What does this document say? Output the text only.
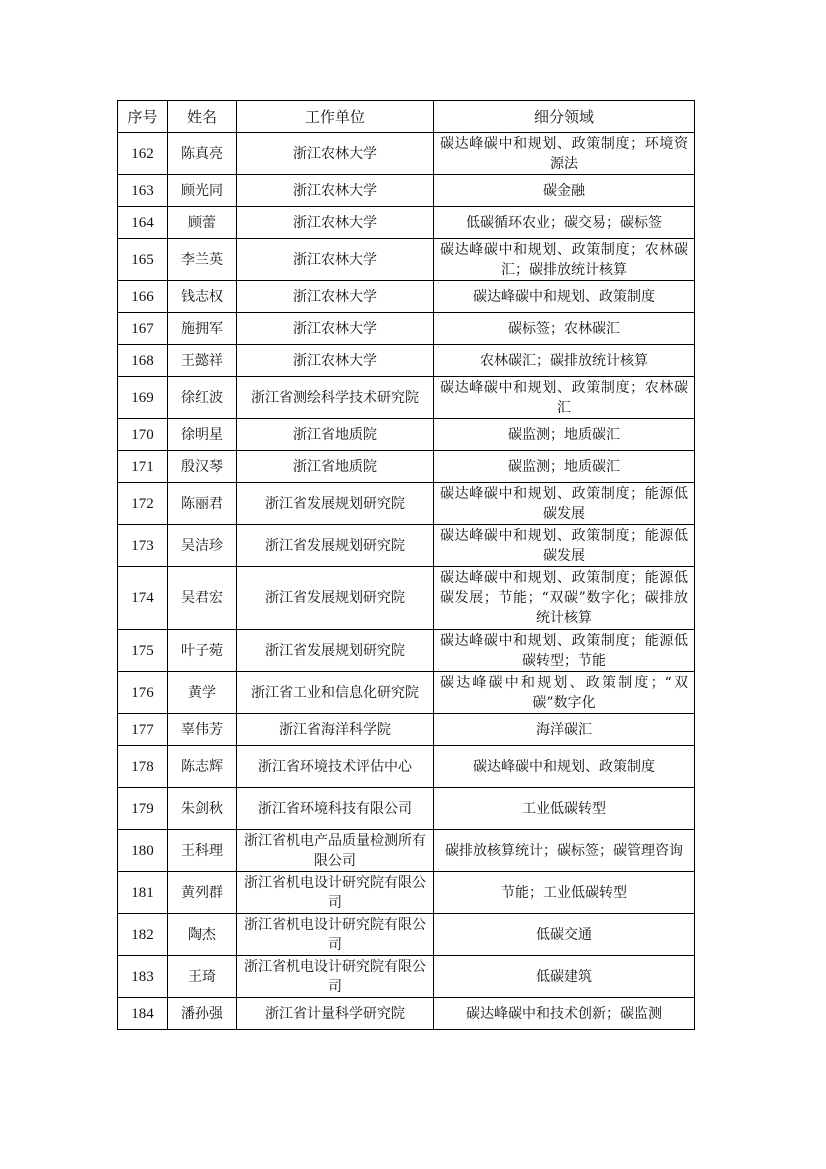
序号	姓名	工作单位	细分领域
162	陈真亮	浙江农林大学	碳达峰碳中和规划、政策制度；环境资源法
163	顾光同	浙江农林大学	碳金融
164	顾蕾	浙江农林大学	低碳循环农业；碳交易；碳标签
165	李兰英	浙江农林大学	碳达峰碳中和规划、政策制度；农林碳汇；碳排放统计核算
166	钱志权	浙江农林大学	碳达峰碳中和规划、政策制度
167	施拥军	浙江农林大学	碳标签；农林碳汇
168	王懿祥	浙江农林大学	农林碳汇；碳排放统计核算
169	徐红波	浙江省测绘科学技术研究院	碳达峰碳中和规划、政策制度；农林碳汇
170	徐明星	浙江省地质院	碳监测；地质碳汇
171	殷汉琴	浙江省地质院	碳监测；地质碳汇
172	陈丽君	浙江省发展规划研究院	碳达峰碳中和规划、政策制度；能源低碳发展
173	吴洁珍	浙江省发展规划研究院	碳达峰碳中和规划、政策制度；能源低碳发展
174	吴君宏	浙江省发展规划研究院	碳达峰碳中和规划、政策制度；能源低碳发展；节能；“双碳”数字化；碳排放统计核算
175	叶子菀	浙江省发展规划研究院	碳达峰碳中和规划、政策制度；能源低碳转型；节能
176	黄学	浙江省工业和信息化研究院	碳达峰碳中和规划、政策制度；“双碳”数字化
177	辜伟芳	浙江省海洋科学院	海洋碳汇
178	陈志辉	浙江省环境技术评估中心	碳达峰碳中和规划、政策制度
179	朱剑秋	浙江省环境科技有限公司	工业低碳转型
180	王科理	浙江省机电产品质量检测所有限公司	碳排放核算统计；碳标签；碳管理咨询
181	黄列群	浙江省机电设计研究院有限公司	节能；工业低碳转型
182	陶杰	浙江省机电设计研究院有限公司	低碳交通
183	王琦	浙江省机电设计研究院有限公司	低碳建筑
184	潘孙强	浙江省计量科学研究院	碳达峰碳中和技术创新；碳监测
